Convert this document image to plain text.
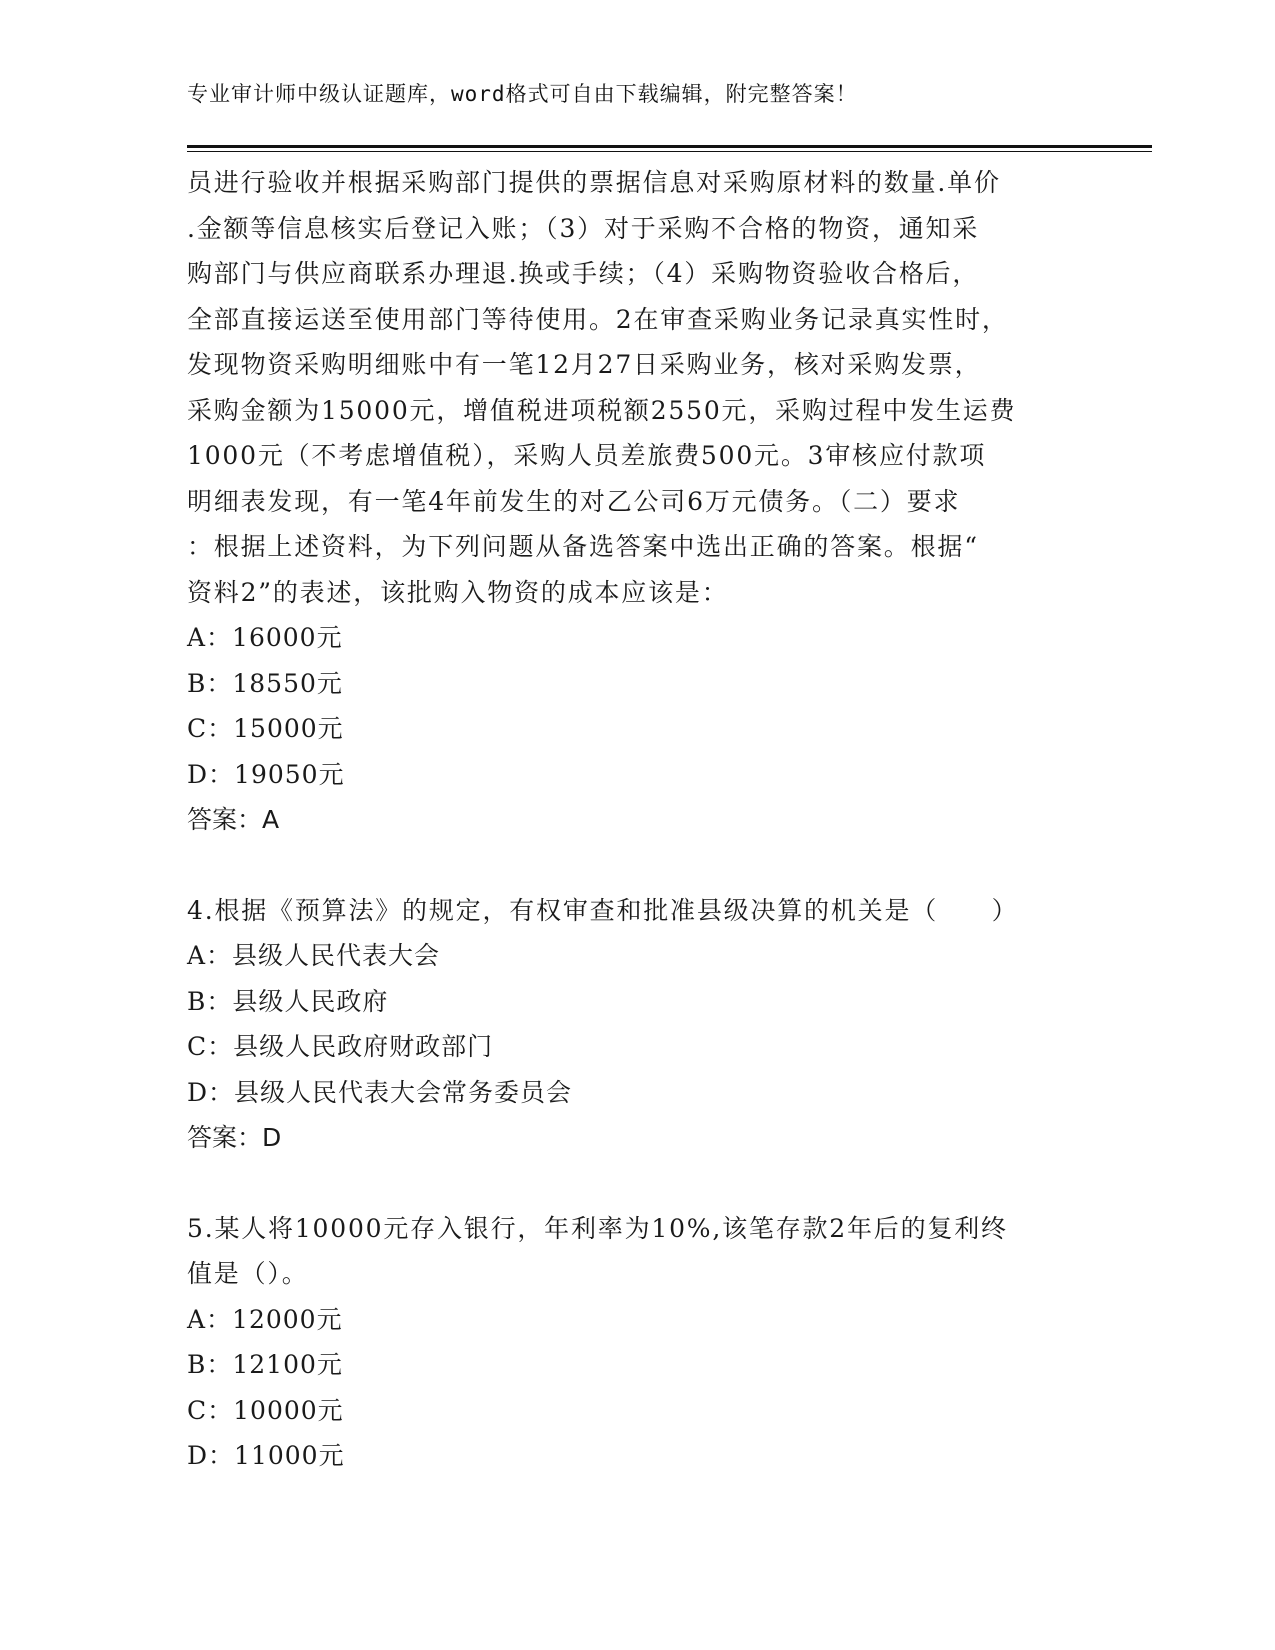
专业审计师中级认证题库，word格式可自由下载编辑，附完整答案！
员进行验收并根据采购部门提供的票据信息对采购原材料的数量.单价
.金额等信息核实后登记入账；（3）对于采购不合格的物资，通知采
购部门与供应商联系办理退.换或手续；（4）采购物资验收合格后，
全部直接运送至使用部门等待使用。2在审查采购业务记录真实性时，
发现物资采购明细账中有一笔12月27日采购业务，核对采购发票，
采购金额为15000元，增值税进项税额2550元，采购过程中发生运费
1000元（不考虑增值税），采购人员差旅费500元。3审核应付款项
明细表发现，有一笔4年前发生的对乙公司6万元债务。（二）要求
：根据上述资料，为下列问题从备选答案中选出正确的答案。根据“
资料2”的表述，该批购入物资的成本应该是：
A：16000元
B：18550元
C：15000元
D：19050元
答案：A
4.根据《预算法》的规定，有权审查和批准县级决算的机关是（　　）
A：县级人民代表大会
B：县级人民政府
C：县级人民政府财政部门
D：县级人民代表大会常务委员会
答案：D
5.某人将10000元存入银行，年利率为10%,该笔存款2年后的复利终
值是（）。
A：12000元
B：12100元
C：10000元
D：11000元
